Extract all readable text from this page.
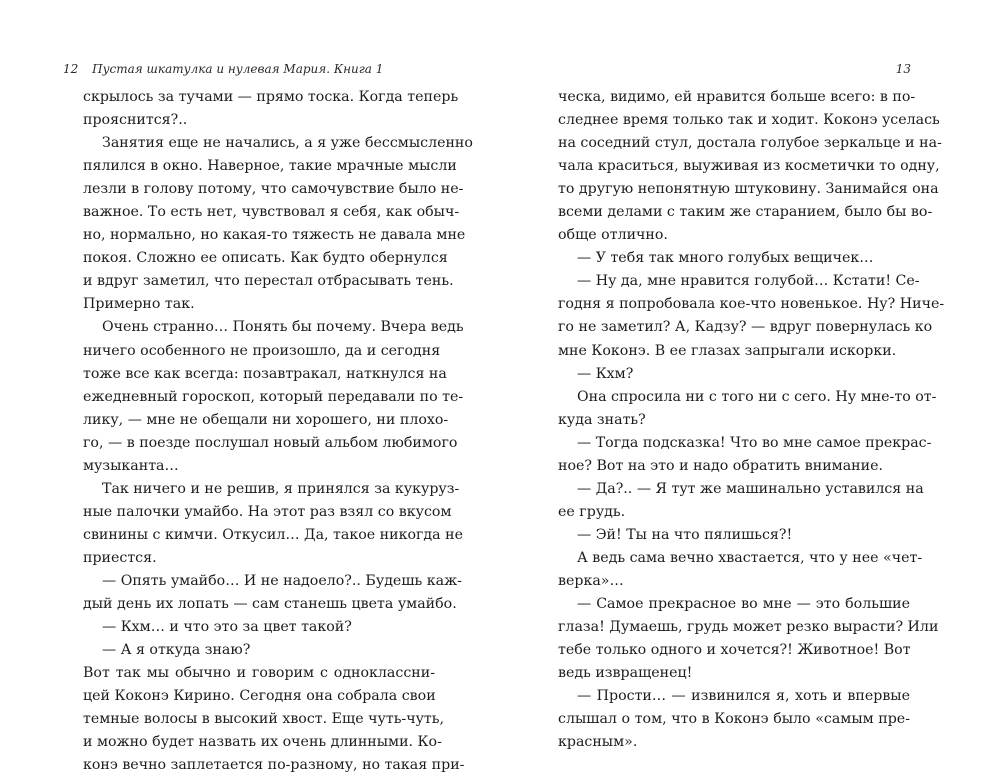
12 Пустая шкатулка и нулевая Мария. Книга 1
скрылось за тучами — прямо тоска. Когда теперь
прояснится?..
Занятия еще не начались, а я уже бессмысленно
пялился в окно. Наверное, такие мрачные мысли
лезли в голову потому, что самочувствие было не-
важное. То есть нет, чувствовал я себя, как обыч-
но, нормально, но какая-то тяжесть не давала мне
покоя. Сложно ее описать. Как будто обернулся
и вдруг заметил, что перестал отбрасывать тень.
Примерно так.
Очень странно… Понять бы почему. Вчера ведь
ничего особенного не произошло, да и сегодня
тоже все как всегда: позавтракал, наткнулся на
ежедневный гороскоп, который передавали по те-
лику, — мне не обещали ни хорошего, ни плохо-
го, — в поезде послушал новый альбом любимого
музыканта…
Так ничего и не решив, я принялся за кукуруз-
ные палочки умайбо. На этот раз взял со вкусом
свинины с кимчи. Откусил… Да, такое никогда не
приестся.
— Опять умайбо… И не надоело?.. Будешь каж-
дый день их лопать — сам станешь цвета умайбо.
— Кхм… и что это за цвет такой?
— А я откуда знаю?
Вот так мы обычно и говорим с одноклассни-
цей Коконэ Кирино. Сегодня она собрала свои
темные волосы в высокий хвост. Еще чуть-чуть,
и можно будет назвать их очень длинными. Ко-
конэ вечно заплетается по-разному, но такая при-
13
ческа, видимо, ей нравится больше всего: в по-
следнее время только так и ходит. Коконэ уселась
на соседний стул, достала голубое зеркальце и на-
чала краситься, выуживая из косметички то одну,
то другую непонятную штуковину. Занимайся она
всеми делами с таким же старанием, было бы во-
обще отлично.
— У тебя так много голубых вещичек…
— Ну да, мне нравится голубой… Кстати! Се-
годня я попробовала кое-что новенькое. Ну? Ниче-
го не заметил? А, Кадзу? — вдруг повернулась ко
мне Коконэ. В ее глазах запрыгали искорки.
— Кхм?
Она спросила ни с того ни с сего. Ну мне-то от-
куда знать?
— Тогда подсказка! Что во мне самое прекрас-
ное? Вот на это и надо обратить внимание.
— Да?.. — Я тут же машинально уставился на
ее грудь.
— Эй! Ты на что пялишься?!
А ведь сама вечно хвастается, что у нее «чет-
верка»…
— Самое прекрасное во мне — это большие
глаза! Думаешь, грудь может резко вырасти? Или
тебе только одного и хочется?! Животное! Вот
ведь извращенец!
— Прости… — извинился я, хоть и впервые
слышал о том, что в Коконэ было «самым пре-
красным».
